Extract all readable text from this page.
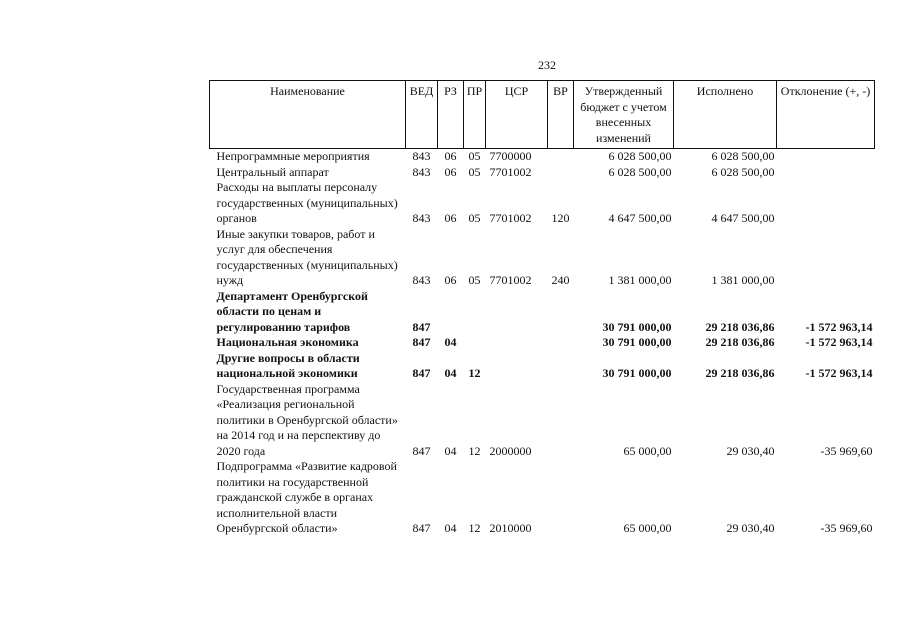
232
Наименование	ВЕД	РЗ	ПР	ЦСР	ВР	Утвержденный бюджет с учетом внесенных изменений	Исполнено	Отклонение (+, -)
Непрограммные мероприятия	843	06	05	7700000		6 028 500,00	6 028 500,00	
Центральный аппарат	843	06	05	7701002		6 028 500,00	6 028 500,00	
Расходы на выплаты персоналу государственных (муниципальных) органов	843	06	05	7701002	120	4 647 500,00	4 647 500,00	
Иные закупки товаров, работ и услуг для обеспечения государственных (муниципальных) нужд	843	06	05	7701002	240	1 381 000,00	1 381 000,00	
Департамент Оренбургской области по ценам и регулированию тарифов	847					30 791 000,00	29 218 036,86	-1 572 963,14
Национальная экономика	847	04				30 791 000,00	29 218 036,86	-1 572 963,14
Другие вопросы в области национальной экономики	847	04	12			30 791 000,00	29 218 036,86	-1 572 963,14
Государственная программа «Реализация региональной политики в Оренбургской области» на 2014 год и на перспективу до 2020 года	847	04	12	2000000		65 000,00	29 030,40	-35 969,60
Подпрограмма «Развитие кадровой политики на государственной гражданской службе в органах исполнительной власти Оренбургской области»	847	04	12	2010000		65 000,00	29 030,40	-35 969,60
